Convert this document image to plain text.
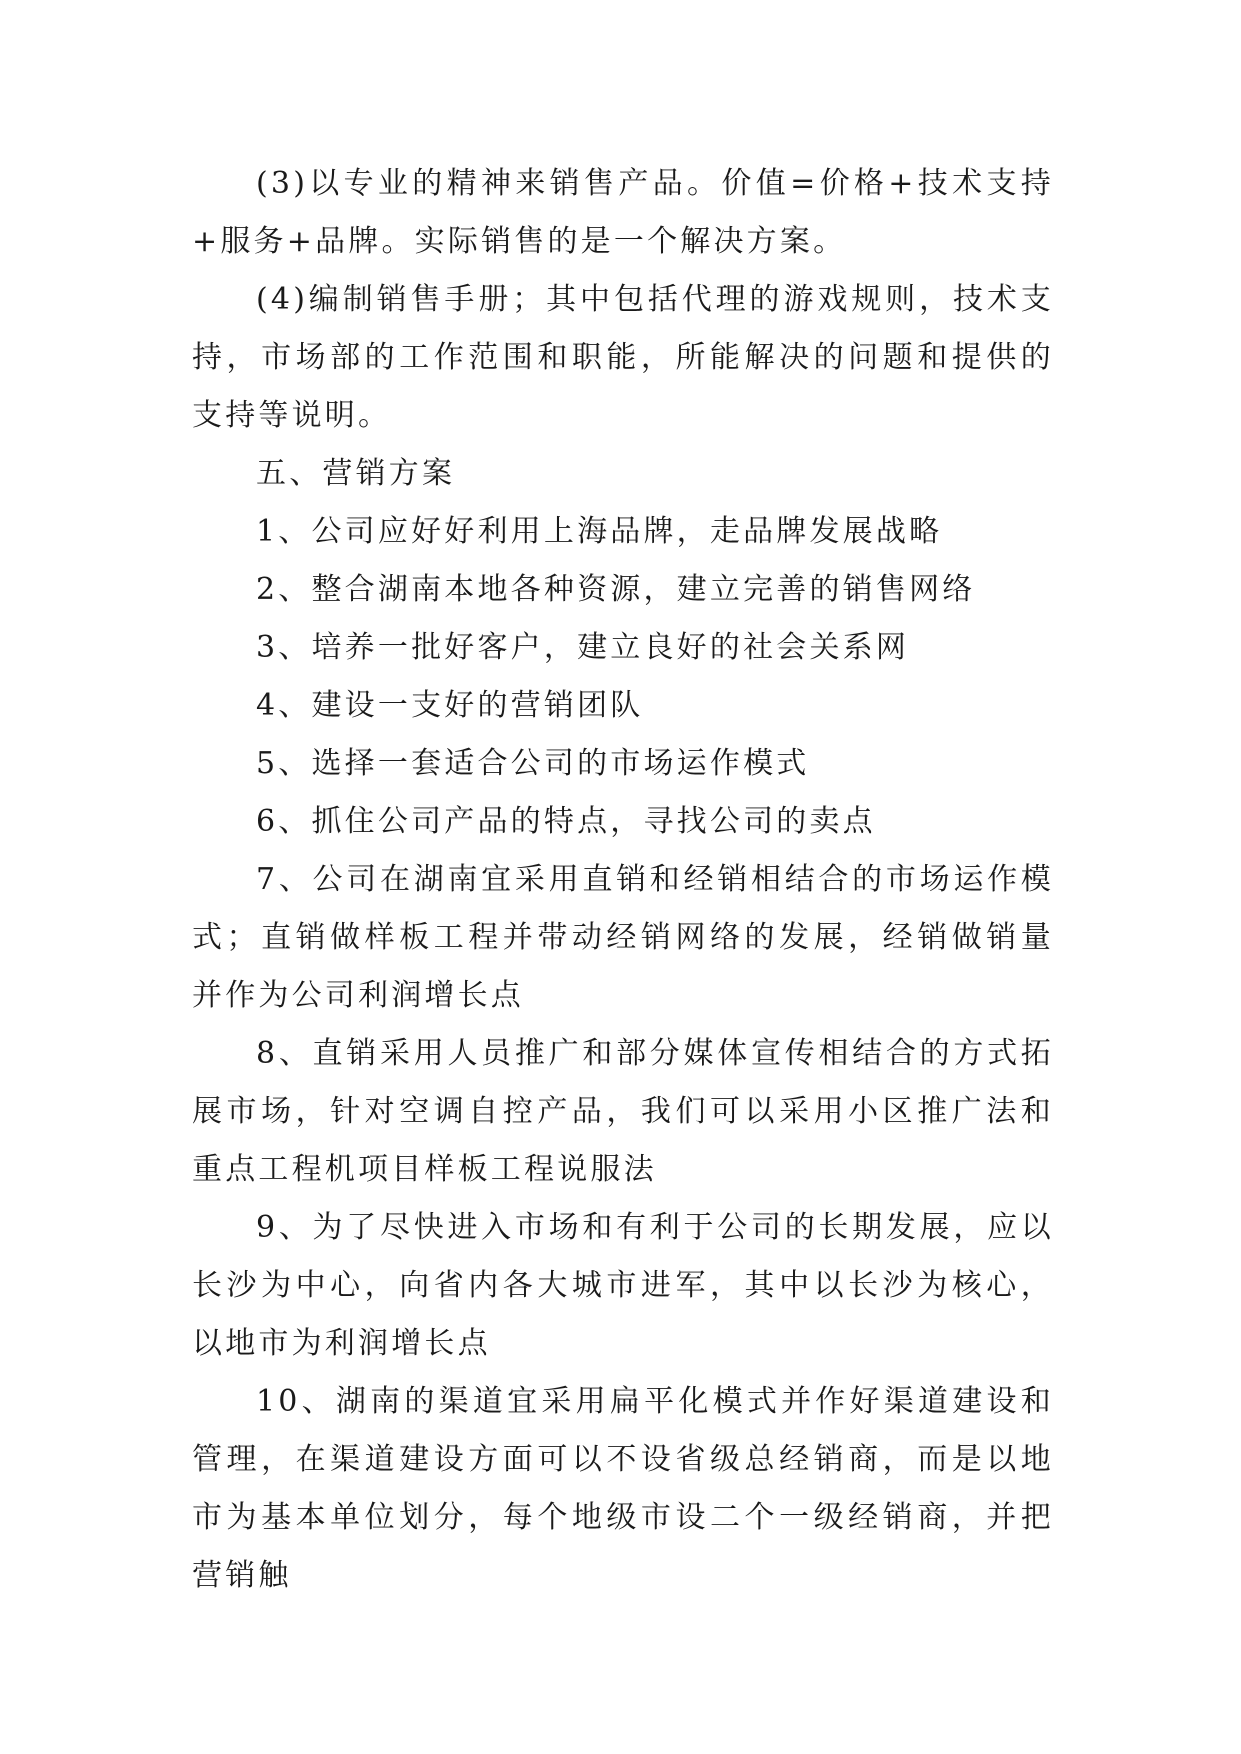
(3)以专业的精神来销售产品。价值=价格+技术支持+服务+品牌。实际销售的是一个解决方案。

(4)编制销售手册；其中包括代理的游戏规则，技术支持，市场部的工作范围和职能，所能解决的问题和提供的支持等说明。

五、营销方案

1、公司应好好利用上海品牌，走品牌发展战略

2、整合湖南本地各种资源，建立完善的销售网络

3、培养一批好客户，建立良好的社会关系网

4、建设一支好的营销团队

5、选择一套适合公司的市场运作模式

6、抓住公司产品的特点，寻找公司的卖点

7、公司在湖南宜采用直销和经销相结合的市场运作模式；直销做样板工程并带动经销网络的发展，经销做销量并作为公司利润增长点

8、直销采用人员推广和部分媒体宣传相结合的方式拓展市场，针对空调自控产品，我们可以采用小区推广法和重点工程机项目样板工程说服法

9、为了尽快进入市场和有利于公司的长期发展，应以长沙为中心，向省内各大城市进军，其中以长沙为核心，以地市为利润增长点

10、湖南的渠道宜采用扁平化模式并作好渠道建设和管理，在渠道建设方面可以不设省级总经销商，而是以地市为基本单位划分，每个地级市设二个一级经销商，并把营销触
